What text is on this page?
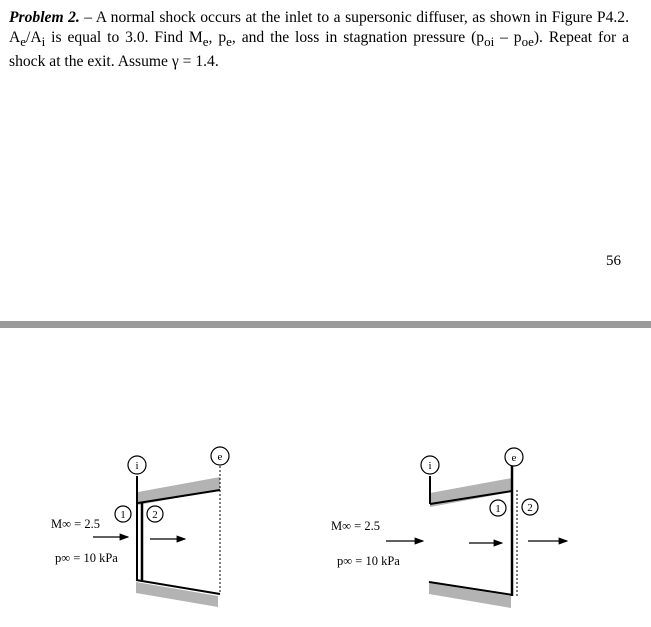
Problem 2. – A normal shock occurs at the inlet to a supersonic diffuser, as shown in Figure P4.2. $A_e/A_i$ is equal to 3.0. Find $M_e$, $p_e$, and the loss in stagnation pressure $(p_{oi} - p_{oe})$. Repeat for a shock at the exit. Assume γ = 1.4.
56
i
e
1 2
M∞ = 2.5
p∞ = 10 kPa
i
e
1 2
M∞ = 2.5
p∞ = 10 kPa
